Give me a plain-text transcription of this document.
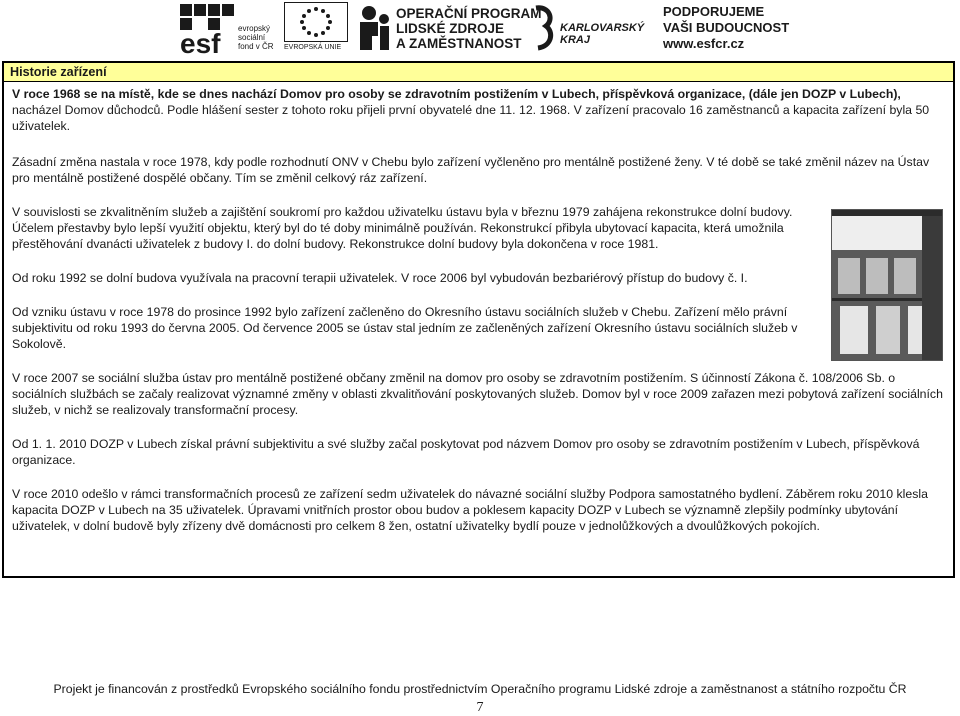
esf evropský
sociální
fond v ČR EVROPSKÁ UNIE
OPERAČNÍ PROGRAM
LIDSKÉ ZDROJE
A ZAMĚSTNANOST
KARLOVARSKÝ
KRAJ
PODPORUJEME
VAŠI BUDOUCNOST
www.esfcr.cz
Historie zařízení

V roce 1968 se na místě, kde se dnes nachází Domov pro osoby se zdravotním postižením v Lubech, příspěvková organizace, (dále jen DOZP v Lubech), nacházel Domov důchodců. Podle hlášení sester z tohoto roku přijeli první obyvatelé dne 11. 12. 1968. V zařízení pracovalo 16 zaměstnanců a kapacita zařízení byla 50 uživatelek.

Zásadní změna nastala v roce 1978, kdy podle rozhodnutí ONV v Chebu bylo zařízení vyčleněno pro mentálně postižené ženy. V té době se také změnil název na Ústav pro mentálně postižené dospělé občany. Tím se změnil celkový ráz zařízení.

V souvislosti se zkvalitněním služeb a zajištění soukromí pro každou uživatelku ústavu byla v březnu 1979 zahájena rekonstrukce dolní budovy. Účelem přestavby bylo lepší využití objektu, který byl do té doby minimálně používán. Rekonstrukcí přibyla ubytovací kapacita, která umožnila přestěhování dvanácti uživatelek z budovy I. do dolní budovy. Rekonstrukce dolní budovy byla dokončena v roce 1981.

Od roku 1992 se dolní budova využívala na pracovní terapii uživatelek. V roce 2006 byl vybudován bezbariérový přístup do budovy č. I.

Od vzniku ústavu v roce 1978 do prosince 1992 bylo zařízení začleněno do Okresního ústavu sociálních služeb v Chebu. Zařízení mělo právní subjektivitu od roku 1993 do června 2005. Od července 2005 se ústav stal jedním ze začleněných zařízení Okresního ústavu sociálních služeb v Sokolově.

V roce 2007 se sociální služba ústav pro mentálně postižené občany změnil na domov pro osoby se zdravotním postižením. S účinností Zákona č. 108/2006 Sb. o sociálních službách se začaly realizovat významné změny v oblasti zkvalitňování poskytovaných služeb. Domov byl v roce 2009 zařazen mezi pobytová zařízení sociálních služeb, v nichž se realizovaly transformační procesy.

Od 1. 1. 2010 DOZP v Lubech získal právní subjektivitu a své služby začal poskytovat pod názvem Domov pro osoby se zdravotním postižením v Lubech, příspěvková organizace.

V roce 2010 odešlo v rámci transformačních procesů ze zařízení sedm uživatelek do návazné sociální služby Podpora samostatného bydlení. Záběrem roku 2010 klesla kapacita DOZP v Lubech na 35 uživatelek. Úpravami vnitřních prostor obou budov a poklesem kapacity DOZP v Lubech se významně zlepšily podmínky ubytování uživatelek, v dolní budově byly zřízeny dvě domácnosti pro celkem 8 žen, ostatní uživatelky bydlí pouze v jednolůžkových a dvoulůžkových pokojích.

Projekt je financován z prostředků Evropského sociálního fondu prostřednictvím Operačního programu Lidské zdroje a zaměstnanost a státního rozpočtu ČR
7
